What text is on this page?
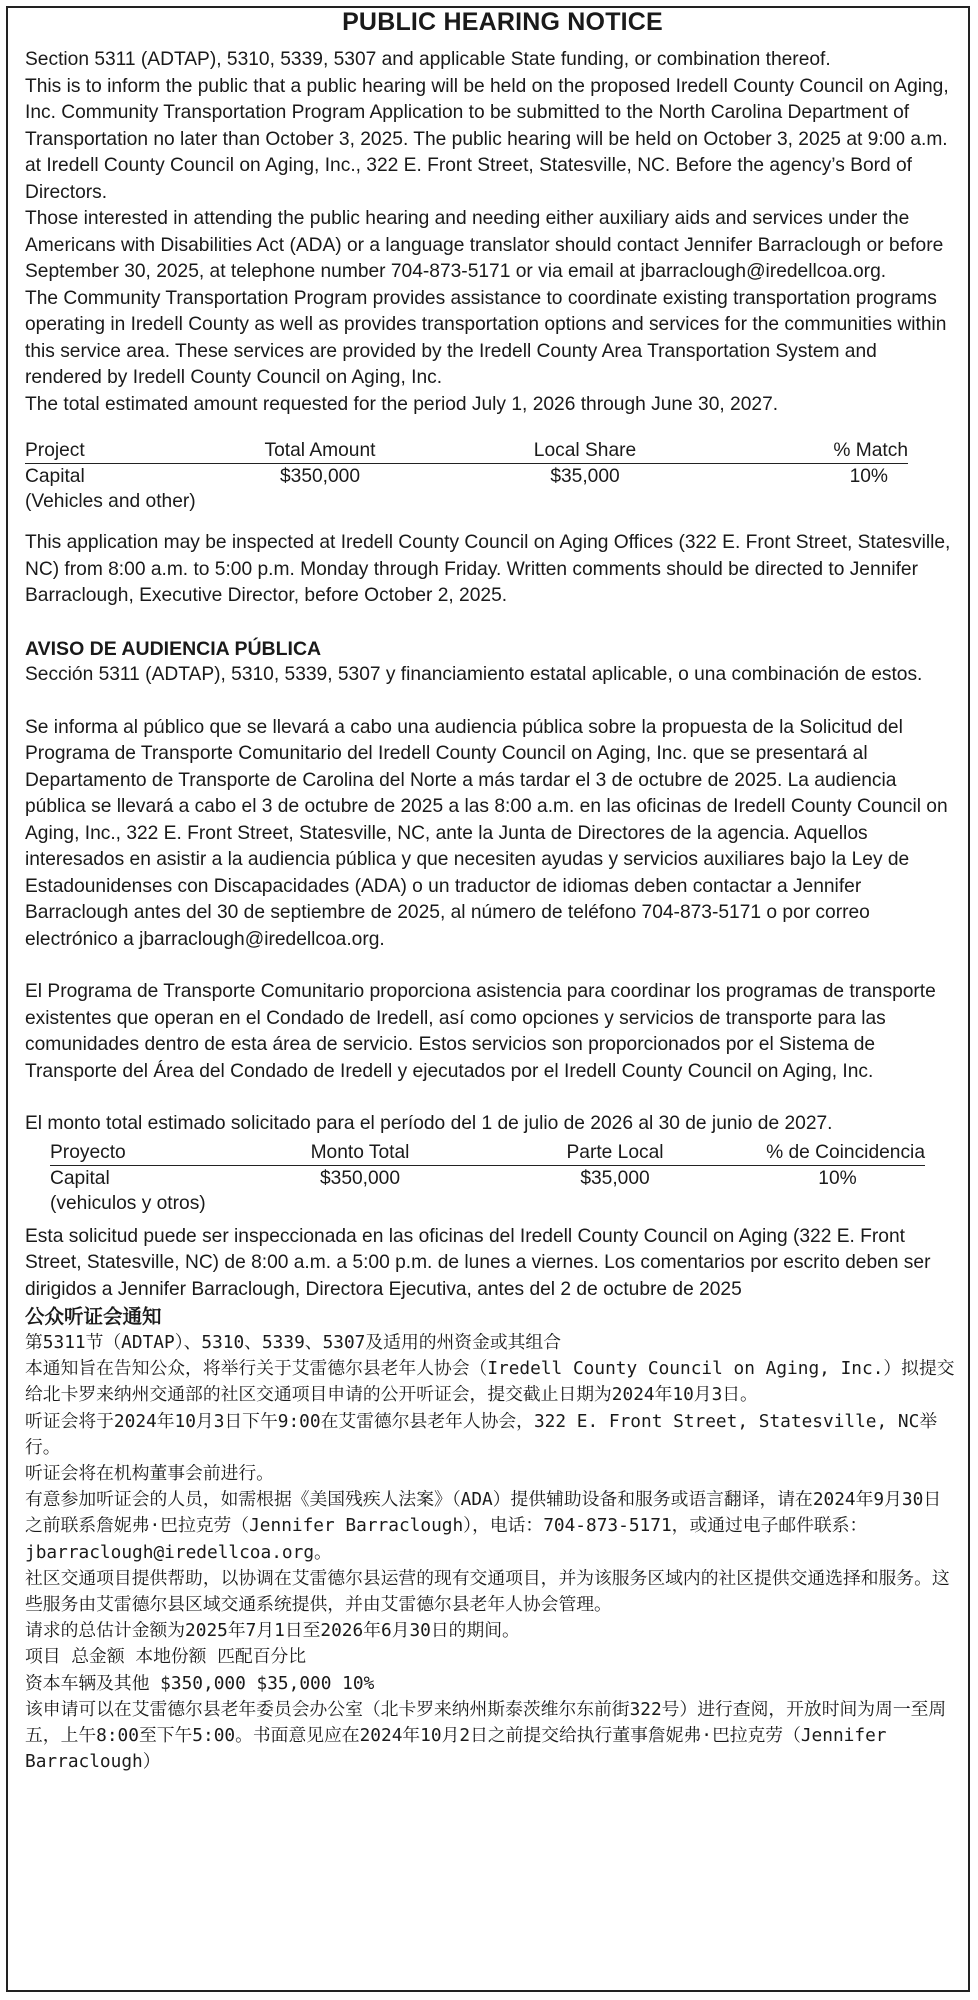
PUBLIC HEARING NOTICE

Section 5311 (ADTAP), 5310, 5339, 5307 and applicable State funding, or combination thereof.

This is to inform the public that a public hearing will be held on the proposed Iredell County Council on Aging, Inc. Community Transportation Program Application to be submitted to the North Carolina Department of Transportation no later than October 3, 2025. The public hearing will be held on October 3, 2025 at 9:00 a.m. at Iredell County Council on Aging, Inc., 322 E. Front Street, Statesville, NC. Before the agency’s Bord of Directors.

Those interested in attending the public hearing and needing either auxiliary aids and services under the Americans with Disabilities Act (ADA) or a language translator should contact Jennifer Barraclough or before September 30, 2025, at telephone number 704-873-5171 or via email at jbarraclough@iredellcoa.org.

The Community Transportation Program provides assistance to coordinate existing transportation programs operating in Iredell County as well as provides transportation options and services for the communities within this service area. These services are provided by the Iredell County Area Transportation System and rendered by Iredell County Council on Aging, Inc.

The total estimated amount requested for the period July 1, 2026 through June 30, 2027.

Project	Total Amount	Local Share	% Match
Capital	$350,000	$35,000	10%
(Vehicles and other)			

This application may be inspected at Iredell County Council on Aging Offices (322 E. Front Street, Statesville, NC) from 8:00 a.m. to 5:00 p.m. Monday through Friday. Written comments should be directed to Jennifer Barraclough, Executive Director, before October 2, 2025.

AVISO DE AUDIENCIA PÚBLICA

Sección 5311 (ADTAP), 5310, 5339, 5307 y financiamiento estatal aplicable, o una combinación de estos.

Se informa al público que se llevará a cabo una audiencia pública sobre la propuesta de la Solicitud del Programa de Transporte Comunitario del Iredell County Council on Aging, Inc. que se presentará al Departamento de Transporte de Carolina del Norte a más tardar el 3 de octubre de 2025. La audiencia pública se llevará a cabo el 3 de octubre de 2025 a las 8:00 a.m. en las oficinas de Iredell County Council on Aging, Inc., 322 E. Front Street, Statesville, NC, ante la Junta de Directores de la agencia. Aquellos interesados en asistir a la audiencia pública y que necesiten ayudas y servicios auxiliares bajo la Ley de Estadounidenses con Discapacidades (ADA) o un traductor de idiomas deben contactar a Jennifer Barraclough antes del 30 de septiembre de 2025, al número de teléfono 704-873-5171 o por correo electrónico a jbarraclough@iredellcoa.org.

El Programa de Transporte Comunitario proporciona asistencia para coordinar los programas de transporte existentes que operan en el Condado de Iredell, así como opciones y servicios de transporte para las comunidades dentro de esta área de servicio. Estos servicios son proporcionados por el Sistema de Transporte del Área del Condado de Iredell y ejecutados por el Iredell County Council on Aging, Inc.

El monto total estimado solicitado para el período del 1 de julio de 2026 al 30 de junio de 2027.

Proyecto	Monto Total	Parte Local	% de Coincidencia
Capital	$350,000	$35,000	10%
(vehiculos y otros)			

Esta solicitud puede ser inspeccionada en las oficinas del Iredell County Council on Aging (322 E. Front Street, Statesville, NC) de 8:00 a.m. a 5:00 p.m. de lunes a viernes. Los comentarios por escrito deben ser dirigidos a Jennifer Barraclough, Directora Ejecutiva, antes del 2 de octubre de 2025

公众听证会通知

第5311节（ADTAP）、5310、5339、5307及适用的州资金或其组合

本通知旨在告知公众，将举行关于艾雷德尔县老年人协会（Iredell County Council on Aging, Inc.）拟提交给北卡罗来纳州交通部的社区交通项目申请的公开听证会，提交截止日期为2024年10月3日。

听证会将于2024年10月3日下午9:00在艾雷德尔县老年人协会，322 E. Front Street, Statesville, NC举行。

听证会将在机构董事会前进行。

有意参加听证会的人员，如需根据《美国残疾人法案》（ADA）提供辅助设备和服务或语言翻译，请在2024年9月30日之前联系詹妮弗·巴拉克劳（Jennifer Barraclough），电话：704-873-5171，或通过电子邮件联系：jbarraclough@iredellcoa.org。

社区交通项目提供帮助，以协调在艾雷德尔县运营的现有交通项目，并为该服务区域内的社区提供交通选择和服务。这些服务由艾雷德尔县区域交通系统提供，并由艾雷德尔县老年人协会管理。

请求的总估计金额为2025年7月1日至2026年6月30日的期间。

项目 总金额 本地份额 匹配百分比

资本车辆及其他 $350,000 $35,000 10%

该申请可以在艾雷德尔县老年委员会办公室（北卡罗来纳州斯泰茨维尔东前街322号）进行查阅，开放时间为周一至周五，上午8:00至下午5:00。书面意见应在2024年10月2日之前提交给执行董事詹妮弗·巴拉克劳（Jennifer Barraclough）
